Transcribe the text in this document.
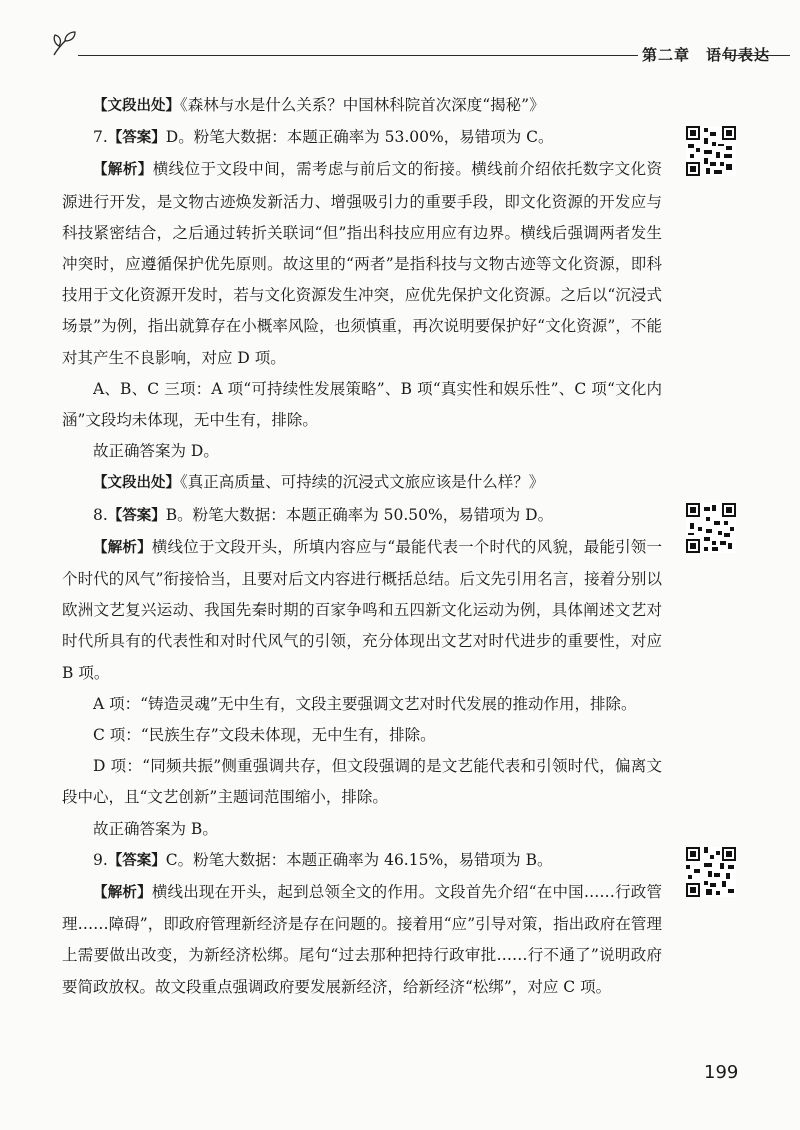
第二章　语句表达

【文段出处】《森林与水是什么关系？中国林科院首次深度“揭秘”》

7.【答案】D。粉笔大数据：本题正确率为 53.00%，易错项为 C。

【解析】横线位于文段中间，需考虑与前后文的衔接。横线前介绍依托数字文化资源进行开发，是文物古迹焕发新活力、增强吸引力的重要手段，即文化资源的开发应与科技紧密结合，之后通过转折关联词“但”指出科技应用应有边界。横线后强调两者发生冲突时，应遵循保护优先原则。故这里的“两者”是指科技与文物古迹等文化资源，即科技用于文化资源开发时，若与文化资源发生冲突，应优先保护文化资源。之后以“沉浸式场景”为例，指出就算存在小概率风险，也须慎重，再次说明要保护好“文化资源”，不能对其产生不良影响，对应 D 项。

A、B、C 三项：A 项“可持续性发展策略”、B 项“真实性和娱乐性”、C 项“文化内涵”文段均未体现，无中生有，排除。

故正确答案为 D。

【文段出处】《真正高质量、可持续的沉浸式文旅应该是什么样？》

8.【答案】B。粉笔大数据：本题正确率为 50.50%，易错项为 D。

【解析】横线位于文段开头，所填内容应与“最能代表一个时代的风貌，最能引领一个时代的风气”衔接恰当，且要对后文内容进行概括总结。后文先引用名言，接着分别以欧洲文艺复兴运动、我国先秦时期的百家争鸣和五四新文化运动为例，具体阐述文艺对时代所具有的代表性和对时代风气的引领，充分体现出文艺对时代进步的重要性，对应 B 项。

A 项：“铸造灵魂”无中生有，文段主要强调文艺对时代发展的推动作用，排除。

C 项：“民族生存”文段未体现，无中生有，排除。

D 项：“同频共振”侧重强调共存，但文段强调的是文艺能代表和引领时代，偏离文段中心，且“文艺创新”主题词范围缩小，排除。

故正确答案为 B。

9.【答案】C。粉笔大数据：本题正确率为 46.15%，易错项为 B。

【解析】横线出现在开头，起到总领全文的作用。文段首先介绍“在中国……行政管理……障碍”，即政府管理新经济是存在问题的。接着用“应”引导对策，指出政府在管理上需要做出改变，为新经济松绑。尾句“过去那种把持行政审批……行不通了”说明政府要简政放权。故文段重点强调政府要发展新经济，给新经济“松绑”，对应 C 项。

199
